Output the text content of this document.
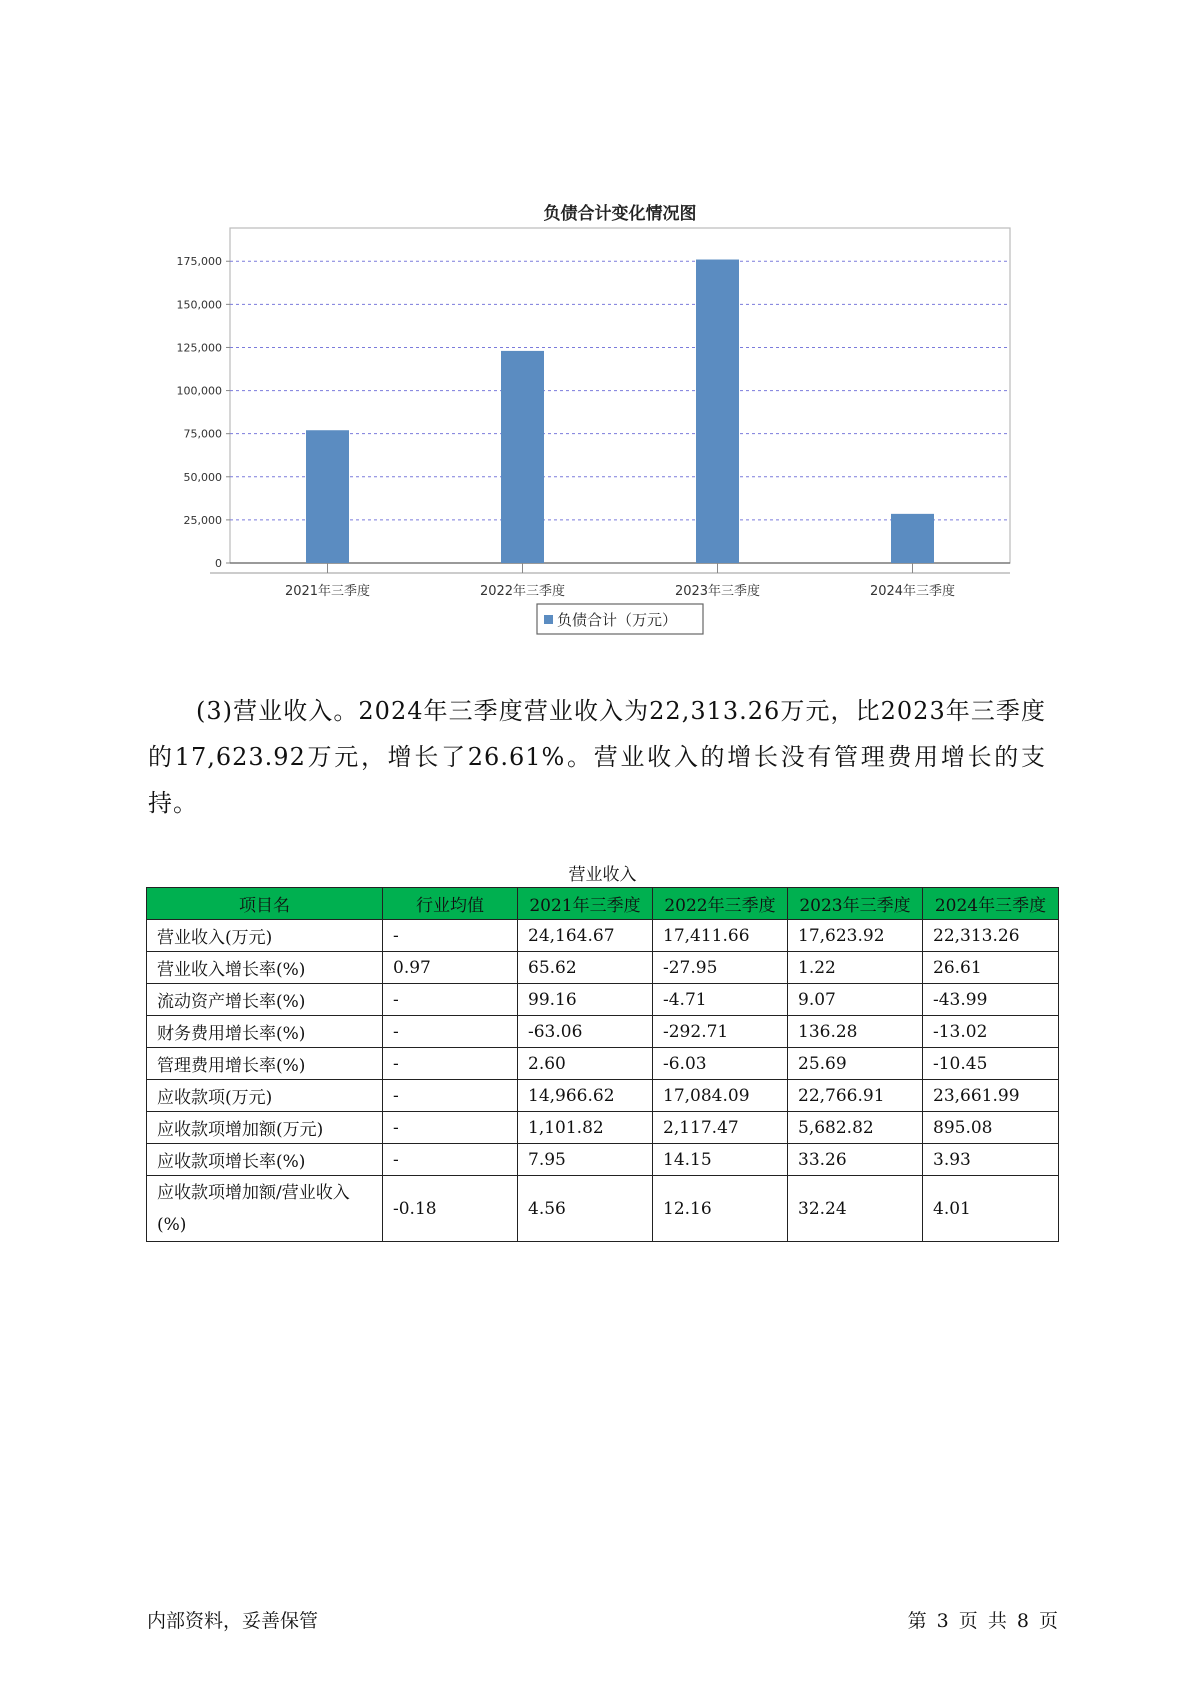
负债合计变化情况图
0
25,000
50,000
75,000
100,000
125,000
150,000
175,000
2021年三季度	2022年三季度	2023年三季度	2024年三季度
负债合计（万元）

(3)营业收入。2024年三季度营业收入为22,313.26万元，比2023年三季度的17,623.92万元，增长了26.61%。营业收入的增长没有管理费用增长的支持。

营业收入
项目名	行业均值	2021年三季度	2022年三季度	2023年三季度	2024年三季度
营业收入(万元)	-	24,164.67	17,411.66	17,623.92	22,313.26
营业收入增长率(%)	0.97	65.62	-27.95	1.22	26.61
流动资产增长率(%)	-	99.16	-4.71	9.07	-43.99
财务费用增长率(%)	-	-63.06	-292.71	136.28	-13.02
管理费用增长率(%)	-	2.60	-6.03	25.69	-10.45
应收款项(万元)	-	14,966.62	17,084.09	22,766.91	23,661.99
应收款项增加额(万元)	-	1,101.82	2,117.47	5,682.82	895.08
应收款项增长率(%)	-	7.95	14.15	33.26	3.93
应收款项增加额/营业收入(%)	-0.18	4.56	12.16	32.24	4.01
内部资料，妥善保管	第 3 页 共 8 页
